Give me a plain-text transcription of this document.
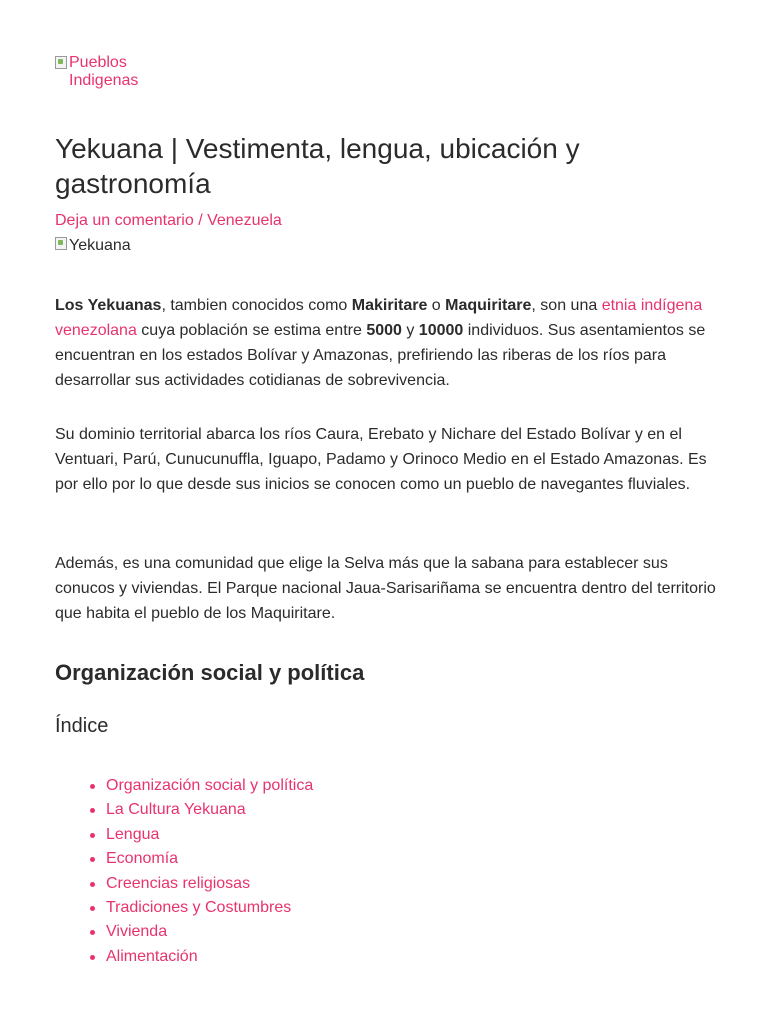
Pueblos Indigenas
Yekuana | Vestimenta, lengua, ubicación y gastronomía
Deja un comentario / Venezuela
Yekuana

Los Yekuanas, tambien conocidos como Makiritare o Maquiritare, son una etnia indígena venezolana cuya población se estima entre 5000 y 10000 individuos. Sus asentamientos se encuentran en los estados Bolívar y Amazonas, prefiriendo las riberas de los ríos para desarrollar sus actividades cotidianas de sobrevivencia.

Su dominio territorial abarca los ríos Caura, Erebato y Nichare del Estado Bolívar y en el Ventuari, Parú, Cunucunuffla, Iguapo, Padamo y Orinoco Medio en el Estado Amazonas. Es por ello por lo que desde sus inicios se conocen como un pueblo de navegantes fluviales.

Además, es una comunidad que elige la Selva más que la sabana para establecer sus conucos y viviendas. El Parque nacional Jaua-Sarisariñama se encuentra dentro del territorio que habita el pueblo de los Maquiritare.

Organización social y política
Índice
Organización social y política
La Cultura Yekuana
Lengua
Economía
Creencias religiosas
Tradiciones y Costumbres
Vivienda
Alimentación
